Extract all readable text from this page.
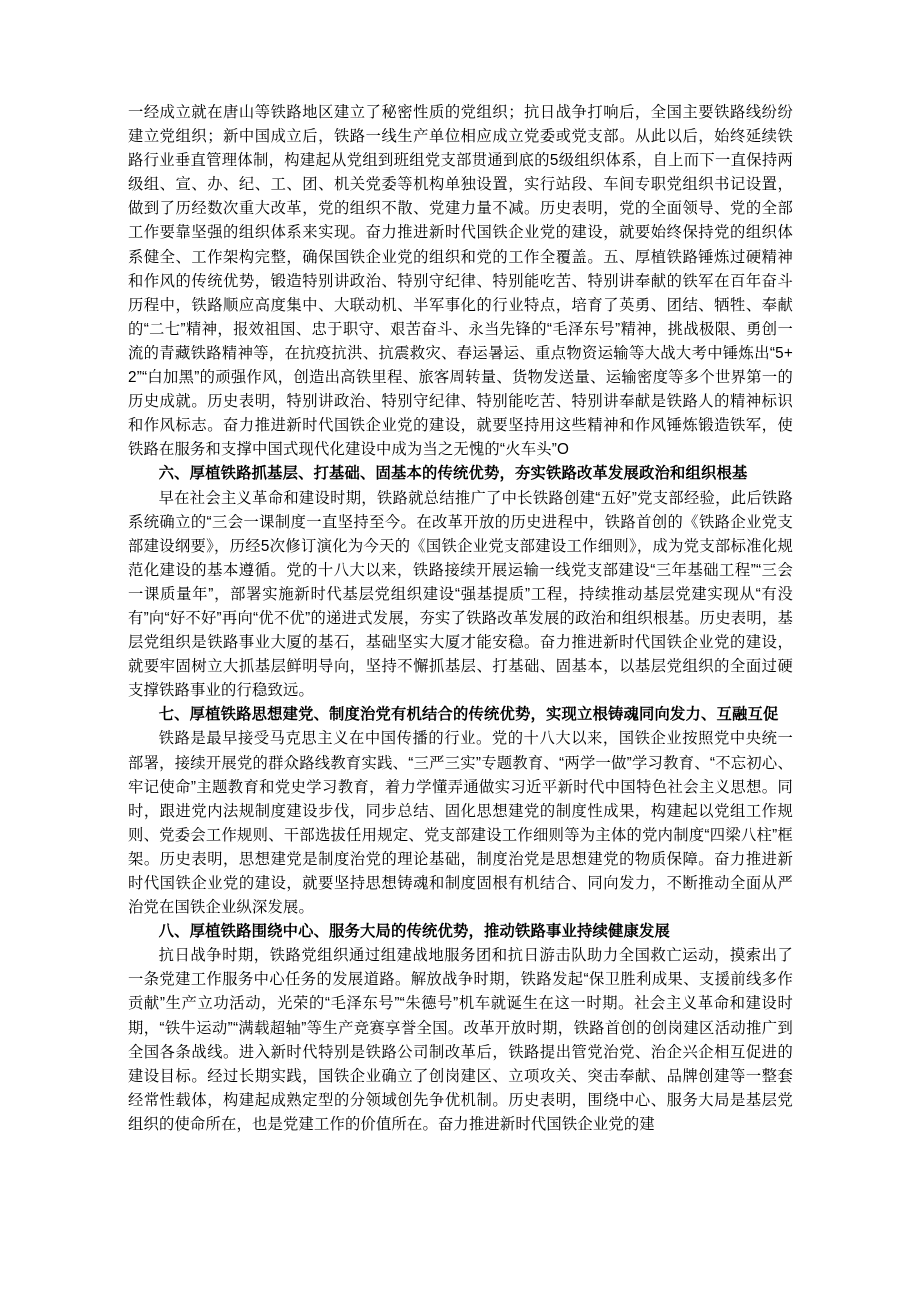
一经成立就在唐山等铁路地区建立了秘密性质的党组织；抗日战争打响后，全国主要铁路线纷纷建立党组织；新中国成立后，铁路一线生产单位相应成立党委或党支部。从此以后，始终延续铁路行业垂直管理体制，构建起从党组到班组党支部贯通到底的5级组织体系，自上而下一直保持两级组、宣、办、纪、工、团、机关党委等机构单独设置，实行站段、车间专职党组织书记设置，做到了历经数次重大改革，党的组织不散、党建力量不减。历史表明，党的全面领导、党的全部工作要靠坚强的组织体系来实现。奋力推进新时代国铁企业党的建设，就要始终保持党的组织体系健全、工作架构完整，确保国铁企业党的组织和党的工作全覆盖。五、厚植铁路锤炼过硬精神和作风的传统优势，锻造特别讲政治、特别守纪律、特别能吃苦、特别讲奉献的铁军在百年奋斗历程中，铁路顺应高度集中、大联动机、半军事化的行业特点，培育了英勇、团结、牺牲、奉献的“二七”精神，报效祖国、忠于职守、艰苦奋斗、永当先锋的“毛泽东号”精神，挑战极限、勇创一流的青藏铁路精神等，在抗疫抗洪、抗震救灾、春运暑运、重点物资运输等大战大考中锤炼出“5+2”“白加黑”的顽强作风，创造出高铁里程、旅客周转量、货物发送量、运输密度等多个世界第一的历史成就。历史表明，特别讲政治、特别守纪律、特别能吃苦、特别讲奉献是铁路人的精神标识和作风标志。奋力推进新时代国铁企业党的建设，就要坚持用这些精神和作风锤炼锻造铁军，使铁路在服务和支撑中国式现代化建设中成为当之无愧的“火车头”O

六、厚植铁路抓基层、打基础、固基本的传统优势，夯实铁路改革发展政治和组织根基

早在社会主义革命和建设时期，铁路就总结推广了中长铁路创建“五好”党支部经验，此后铁路系统确立的“三会一课制度一直坚持至今。在改革开放的历史进程中，铁路首创的《铁路企业党支部建设纲要》，历经5次修订演化为今天的《国铁企业党支部建设工作细则》，成为党支部标准化规范化建设的基本遵循。党的十八大以来，铁路接续开展运输一线党支部建设“三年基础工程”“三会一课质量年”，部署实施新时代基层党组织建设“强基提质”工程，持续推动基层党建实现从“有没有”向“好不好”再向“优不优”的递进式发展，夯实了铁路改革发展的政治和组织根基。历史表明，基层党组织是铁路事业大厦的基石，基础坚实大厦才能安稳。奋力推进新时代国铁企业党的建设，就要牢固树立大抓基层鲜明导向，坚持不懈抓基层、打基础、固基本，以基层党组织的全面过硬支撑铁路事业的行稳致远。

七、厚植铁路思想建党、制度治党有机结合的传统优势，实现立根铸魂同向发力、互融互促

铁路是最早接受马克思主义在中国传播的行业。党的十八大以来，国铁企业按照党中央统一部署，接续开展党的群众路线教育实践、“三严三实”专题教育、“两学一做”学习教育、“不忘初心、牢记使命”主题教育和党史学习教育，着力学懂弄通做实习近平新时代中国特色社会主义思想。同时，跟进党内法规制度建设步伐，同步总结、固化思想建党的制度性成果，构建起以党组工作规则、党委会工作规则、干部选拔任用规定、党支部建设工作细则等为主体的党内制度“四梁八柱”框架。历史表明，思想建党是制度治党的理论基础，制度治党是思想建党的物质保障。奋力推进新时代国铁企业党的建设，就要坚持思想铸魂和制度固根有机结合、同向发力，不断推动全面从严治党在国铁企业纵深发展。

八、厚植铁路围绕中心、服务大局的传统优势，推动铁路事业持续健康发展

抗日战争时期，铁路党组织通过组建战地服务团和抗日游击队助力全国救亡运动，摸索出了一条党建工作服务中心任务的发展道路。解放战争时期，铁路发起“保卫胜利成果、支援前线多作贡献”生产立功活动，光荣的“毛泽东号”“朱德号”机车就诞生在这一时期。社会主义革命和建设时期，“铁牛运动”“满载超轴”等生产竞赛享誉全国。改革开放时期，铁路首创的创岗建区活动推广到全国各条战线。进入新时代特别是铁路公司制改革后，铁路提出管党治党、治企兴企相互促进的建设目标。经过长期实践，国铁企业确立了创岗建区、立项攻关、突击奉献、品牌创建等一整套经常性载体，构建起成熟定型的分领域创先争优机制。历史表明，围绕中心、服务大局是基层党组织的使命所在，也是党建工作的价值所在。奋力推进新时代国铁企业党的建
